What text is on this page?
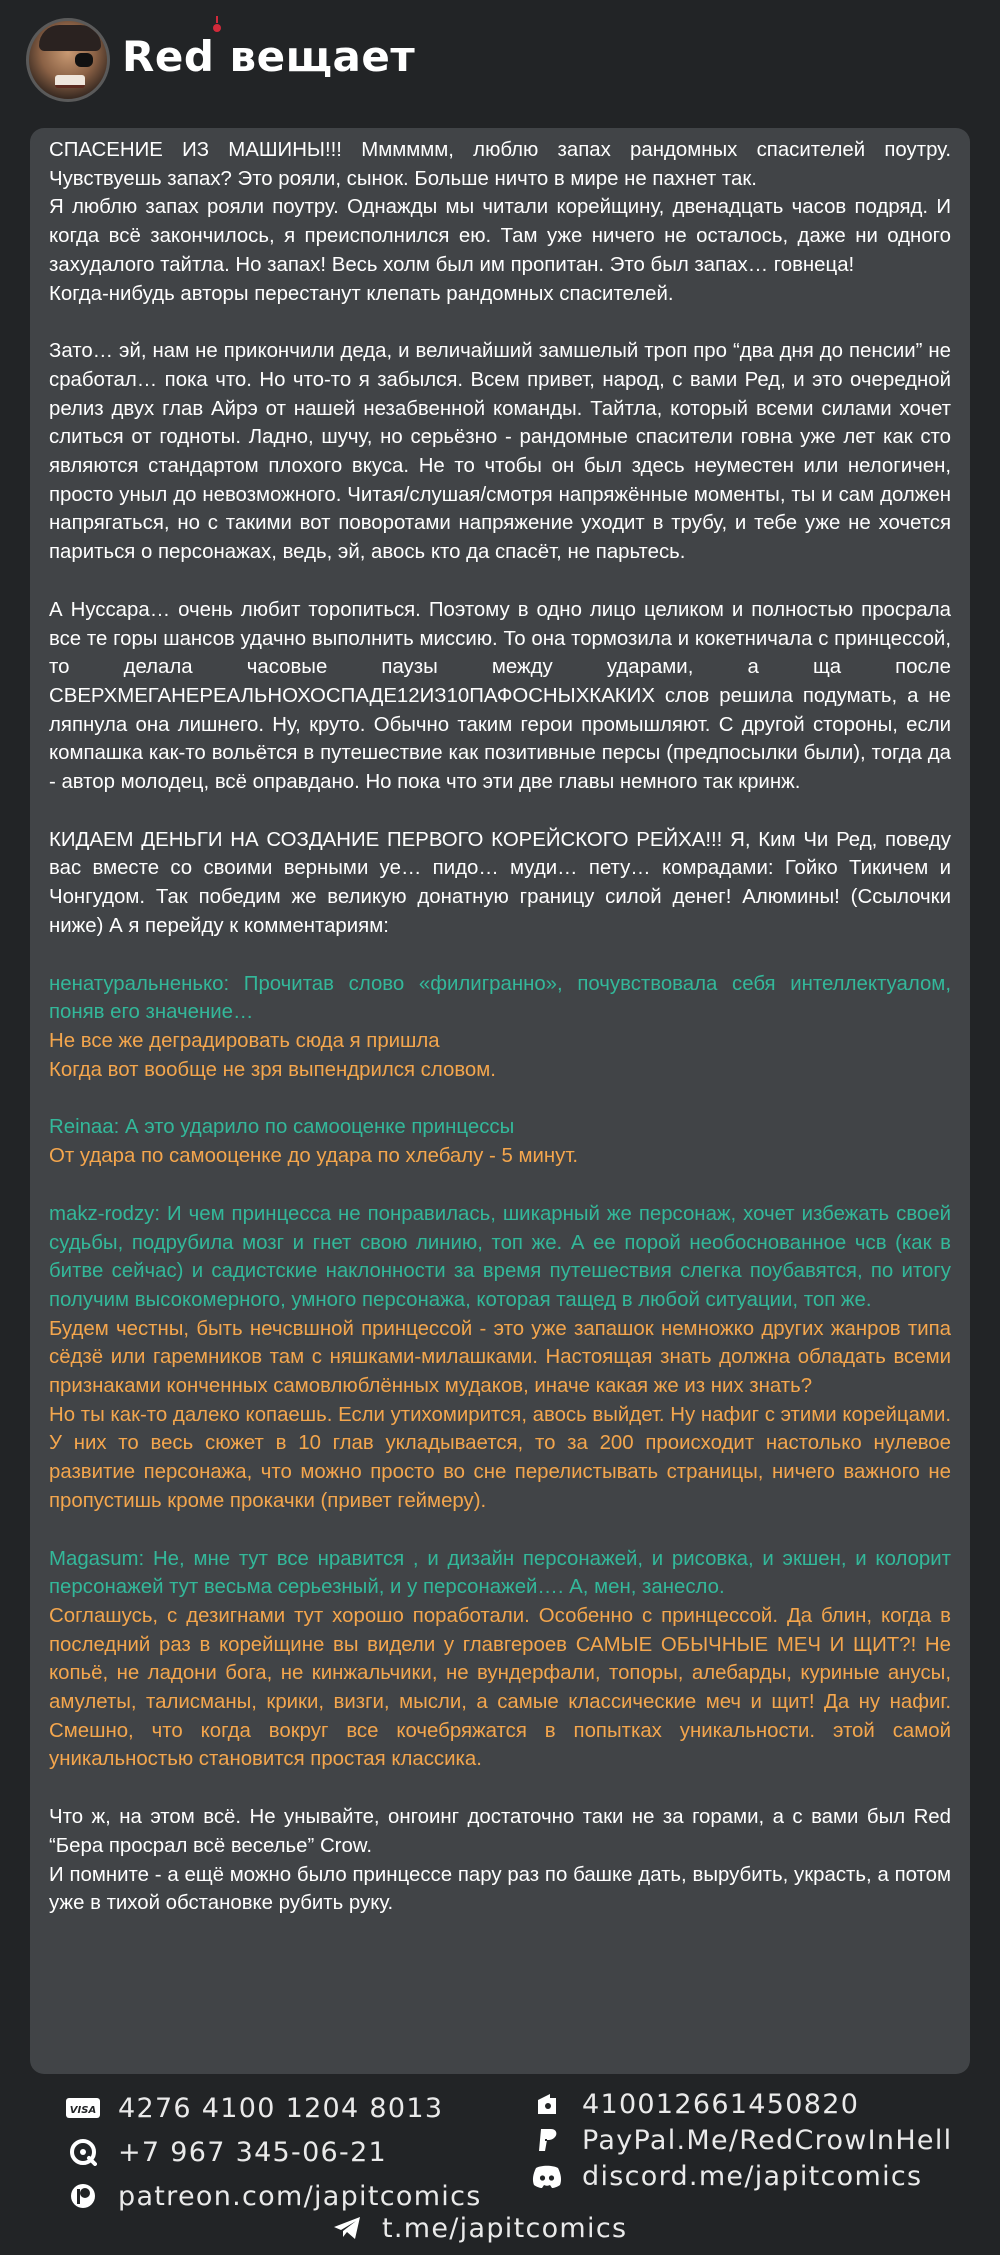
Red вещает
СПАСЕНИЕ ИЗ МАШИНЫ!!! Мммммм, люблю запах рандомных спасителей поутру. Чувствуешь запах? Это рояли, сынок. Больше ничто в мире не пахнет так.
Я люблю запах рояли поутру. Однажды мы читали корейщину, двенадцать часов подряд. И когда всё закончилось, я преисполнился ею. Там уже ничего не осталось, даже ни одного захудалого тайтла. Но запах! Весь холм был им пропитан. Это был запах… говнеца!
Когда-нибудь авторы перестанут клепать рандомных спасителей.
Зато… эй, нам не прикончили деда, и величайший замшелый троп про “два дня до пенсии” не сработал… пока что. Но что-то я забылся. Всем привет, народ, с вами Ред, и это очередной релиз двух глав Айрэ от нашей незабвенной команды. Тайтла, который всеми силами хочет слиться от годноты. Ладно, шучу, но серьёзно - рандомные спасители говна уже лет как сто являются стандартом плохого вкуса. Не то чтобы он был здесь неуместен или нелогичен, просто уныл до невозможного. Читая/слушая/смотря напряжённые моменты, ты и сам должен напрягаться, но с такими вот поворотами напряжение уходит в трубу, и тебе уже не хочется париться о персонажах, ведь, эй, авось кто да спасёт, не парьтесь.
А Нуссара… очень любит торопиться. Поэтому в одно лицо целиком и полностью просрала все те горы шансов удачно выполнить миссию. То она тормозила и кокетничала с принцессой, то делала часовые паузы между ударами, а ща после СВЕРХМЕГАНЕРЕАЛЬНОХОСПАДЕ12ИЗ10ПАФОСНЫХКАКИХ слов решила подумать, а не ляпнула она лишнего. Ну, круто. Обычно таким герои промышляют. С другой стороны, если компашка как-то вольётся в путешествие как позитивные персы (предпосылки были), тогда да - автор молодец, всё оправдано. Но пока что эти две главы немного так кринж.
КИДАЕМ ДЕНЬГИ НА СОЗДАНИЕ ПЕРВОГО КОРЕЙСКОГО РЕЙХА!!! Я, Ким Чи Ред, поведу вас вместе со своими верными уе… пидо… муди… пету… комрадами: Гойко Тикичем и Чонгудом. Так победим же великую донатную границу силой денег! Алюмины! (Ссылочки ниже) А я перейду к комментариям:
ненатуральненько: Прочитав слово «филигранно», почувствовала себя интеллектуалом, поняв его значение…
Не все же деградировать сюда я пришла
Когда вот вообще не зря выпендрился словом.
Reinaa: А это ударило по самооценке принцессы
От удара по самооценке до удара по хлебалу - 5 минут.
makz-rodzy: И чем принцесса не понравилась, шикарный же персонаж, хочет избежать своей судьбы, подрубила мозг и гнет свою линию, топ же. А ее порой необоснованное чсв (как в битве сейчас) и садистские наклонности за время путешествия слегка поубавятся, по итогу получим высокомерного, умного персонажа, которая тащед в любой ситуации, топ же.
Будем честны, быть нечсвшной принцессой - это уже запашок немножко других жанров типа сёдзё или гаремников там с няшками-милашками. Настоящая знать должна обладать всеми признаками конченных самовлюблённых мудаков, иначе какая же из них знать?
Но ты как-то далеко копаешь. Если утихомирится, авось выйдет. Ну нафиг с этими корейцами. У них то весь сюжет в 10 глав укладывается, то за 200 происходит настолько нулевое развитие персонажа, что можно просто во сне перелистывать страницы, ничего важного не пропустишь кроме прокачки (привет геймеру).
Magasum: Не, мне тут все нравится , и дизайн персонажей, и рисовка, и экшен, и колорит персонажей тут весьма серьезный, и у персонажей…. А, мен, занесло.
Соглашусь, с дезигнами тут хорошо поработали. Особенно с принцессой. Да блин, когда в последний раз в корейщине вы видели у главгероев САМЫЕ ОБЫЧНЫЕ МЕЧ И ЩИТ?! Не копьё, не ладони бога, не кинжальчики, не вундерфали, топоры, алебарды, куриные анусы, амулеты, талисманы, крики, визги, мысли, а самые классические меч и щит! Да ну нафиг. Смешно, что когда вокруг все кочебряжатся в попытках уникальности. этой самой уникальностью становится простая классика.
Что ж, на этом всё. Не унывайте, онгоинг достаточно таки не за горами, а с вами был Red “Бера просрал всё веселье” Crow.
И помните - а ещё можно было принцессе пару раз по башке дать, вырубить, украсть, а потом уже в тихой обстановке рубить руку.
VISA 4276 4100 1204 8013
+7 967 345-06-21
patreon.com/japitcomics
410012661450820
PayPal.Me/RedCrowInHell
discord.me/japitcomics
t.me/japitcomics
